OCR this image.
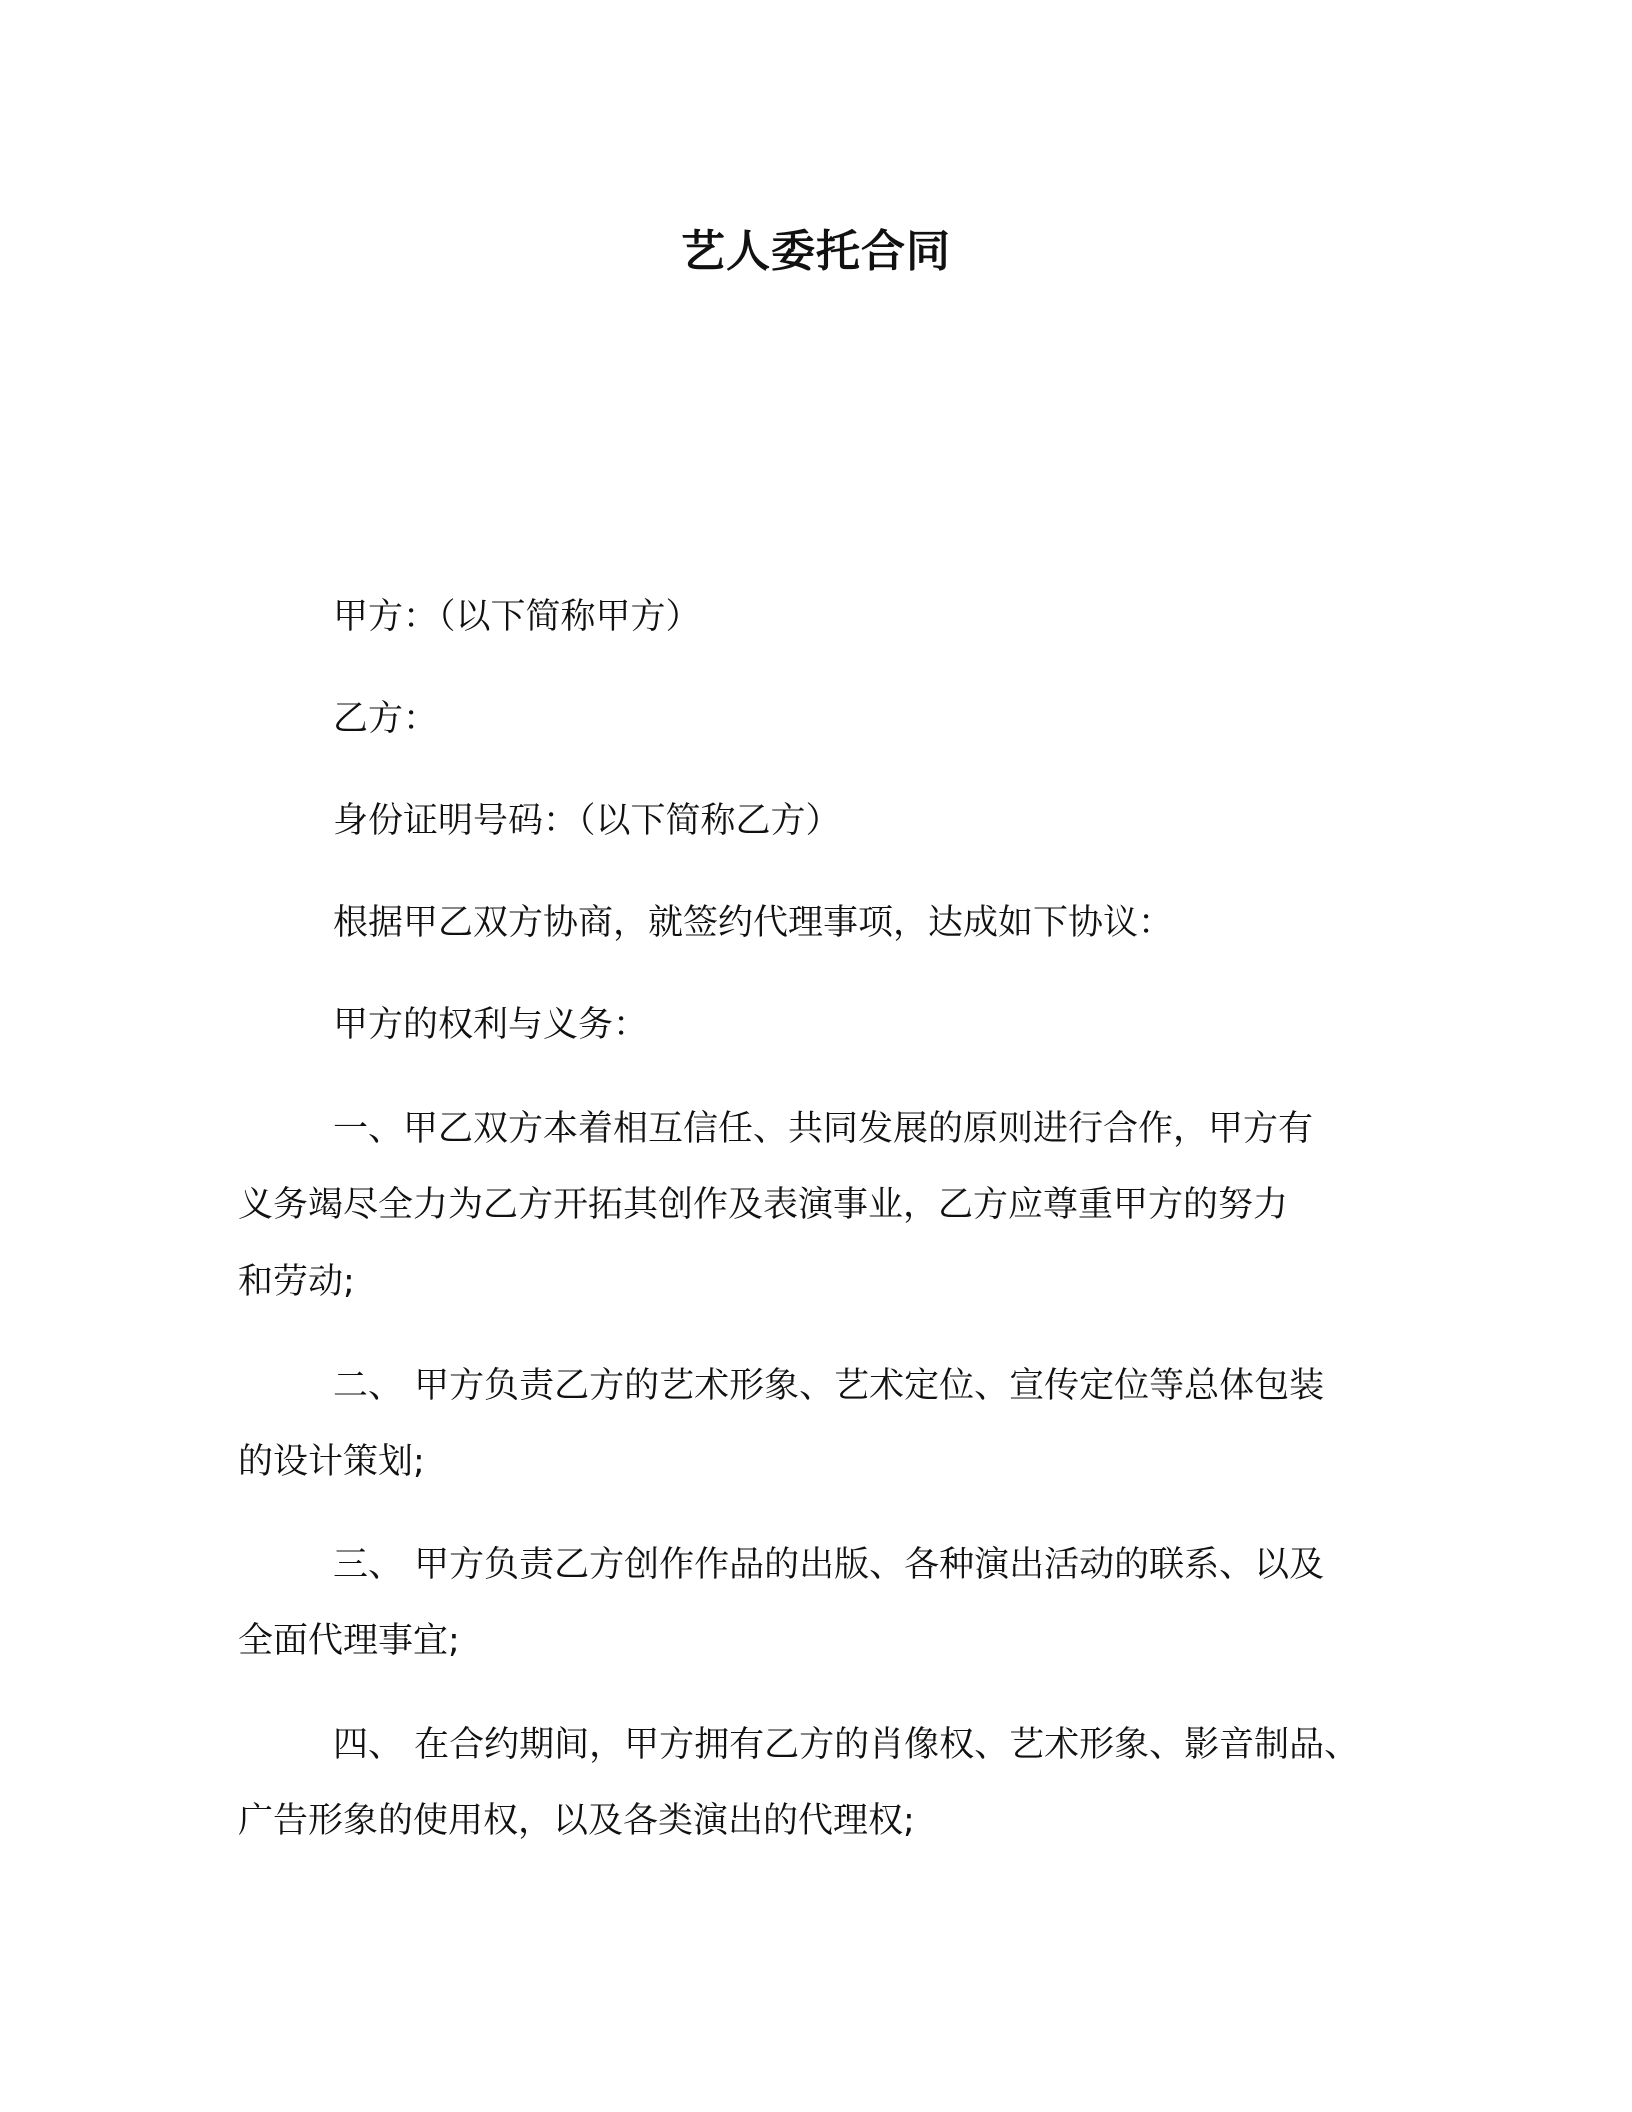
艺人委托合同

甲方：（以下简称甲方）

乙方：

身份证明号码：（以下简称乙方）

根据甲乙双方协商，就签约代理事项，达成如下协议：

甲方的权利与义务：

一、甲乙双方本着相互信任、共同发展的原则进行合作，甲方有

义务竭尽全力为乙方开拓其创作及表演事业，乙方应尊重甲方的努力

和劳动;

二、 甲方负责乙方的艺术形象、艺术定位、宣传定位等总体包装

的设计策划;

三、 甲方负责乙方创作作品的出版、各种演出活动的联系、以及

全面代理事宜;

四、 在合约期间，甲方拥有乙方的肖像权、艺术形象、影音制品、

广告形象的使用权，以及各类演出的代理权;
